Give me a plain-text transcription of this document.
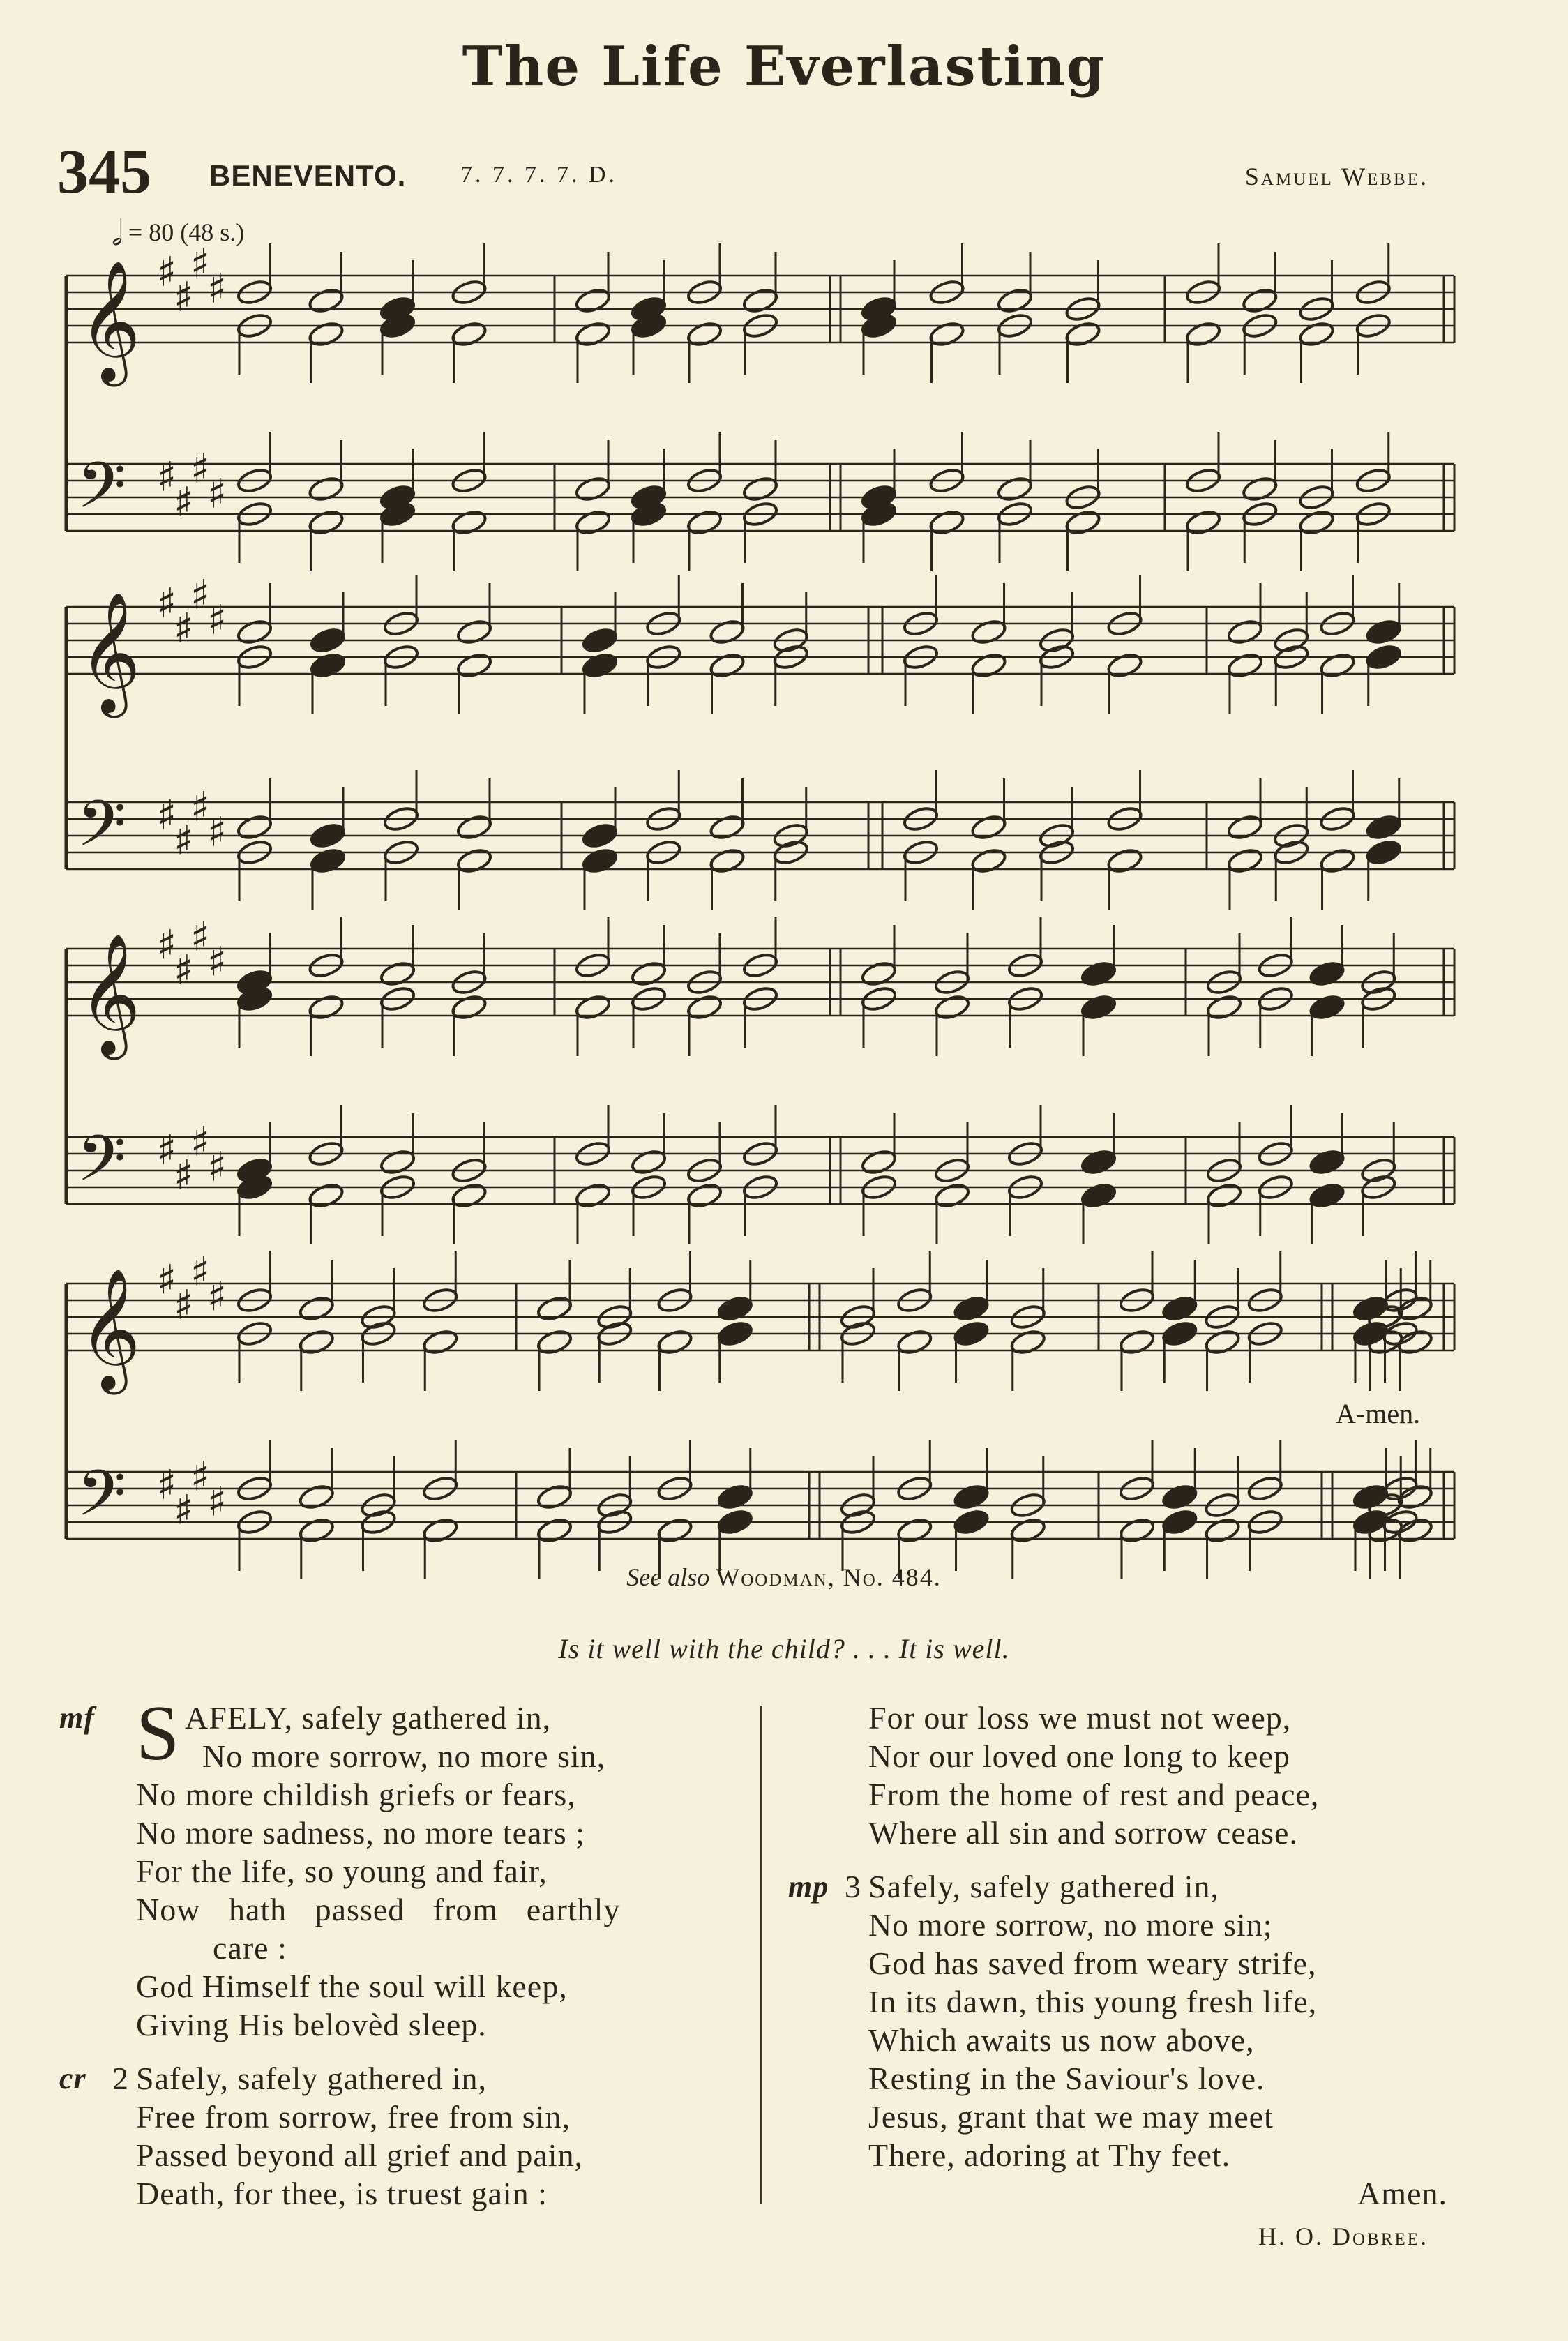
The Life Everlasting
345 BENEVENTO. 7. 7. 7. 7. D.	Samuel Webbe.
𝅗𝅥 = 80 (48 s.)
A-men.
𝄞 ♯
♯
♯
♯
𝄢 ♯
♯
♯
♯
𝄞 ♯
♯
♯
♯
𝄢 ♯
♯
♯
♯
𝄞 ♯
♯
♯
♯
𝄢 ♯
♯
♯
♯
𝄞 ♯
♯
♯
♯
𝄢 ♯
♯
♯
♯
See also Woodman, No. 484.
Is it well with the child? . . . It is well.
mf S AFELY, safely gathered in,
No more sorrow, no more sin,
No more childish griefs or fears,
No more sadness, no more tears ;
For the life, so young and fair,
Now hath passed from earthly
care :
God Himself the soul will keep,
Giving His belovèd sleep.
cr 2 Safely, safely gathered in,
Free from sorrow, free from sin,
Passed beyond all grief and pain,
Death, for thee, is truest gain :
For our loss we must not weep,
Nor our loved one long to keep
From the home of rest and peace,
Where all sin and sorrow cease.
mp 3 Safely, safely gathered in,
No more sorrow, no more sin;
God has saved from weary strife,
In its dawn, this young fresh life,
Which awaits us now above,
Resting in the Saviour's love.
Jesus, grant that we may meet
There, adoring at Thy feet.
Amen.
H. O. Dobree.
